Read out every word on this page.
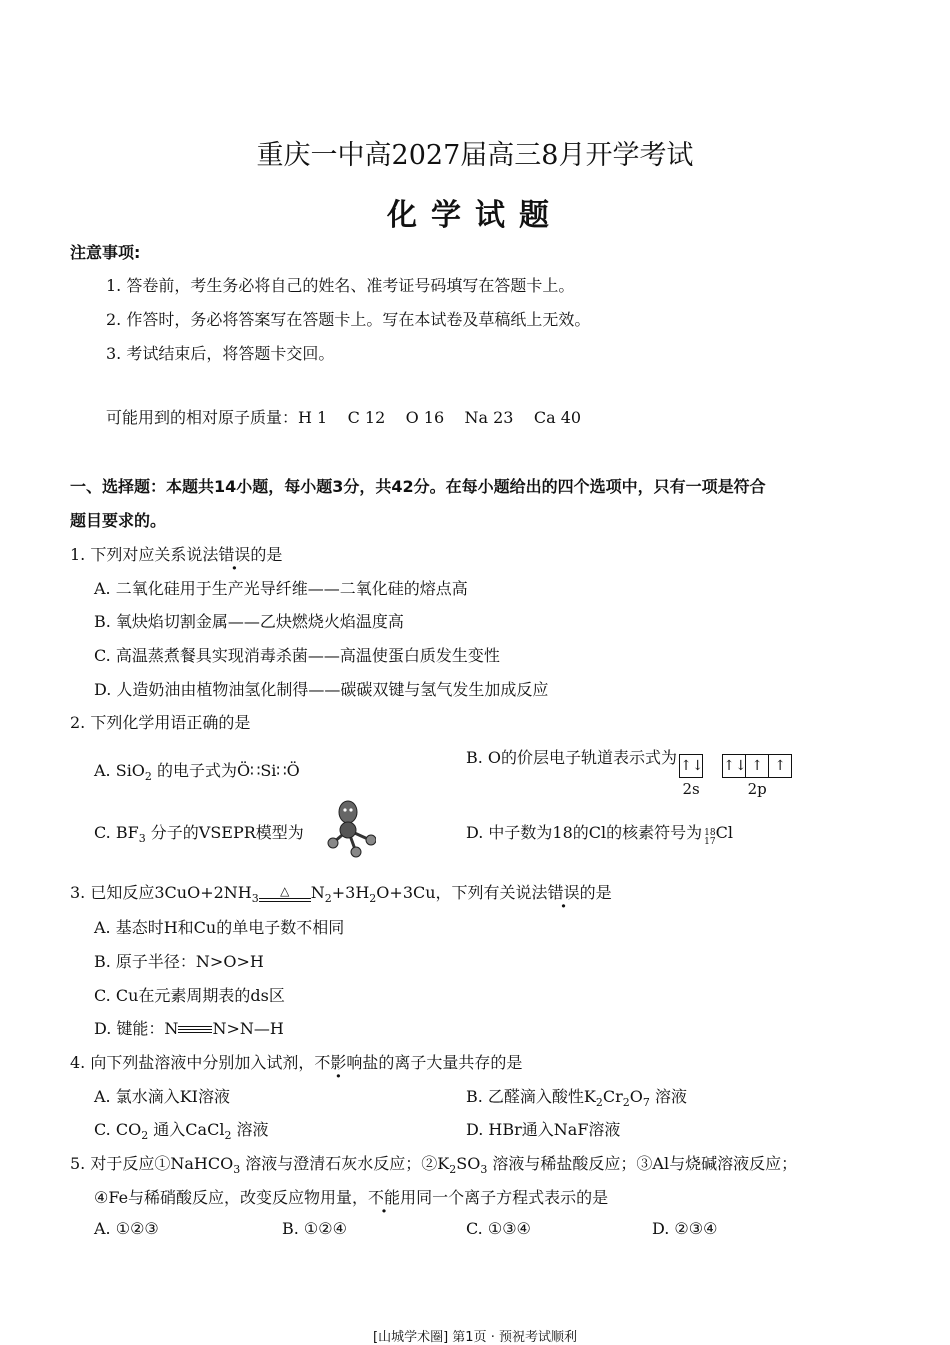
重庆一中高2027届高三8月开学考试
化学试题
注意事项:
1. 答卷前，考生务必将自己的姓名、准考证号码填写在答题卡上。
2. 作答时，务必将答案写在答题卡上。写在本试卷及草稿纸上无效。
3. 考试结束后，将答题卡交回。
可能用到的相对原子质量：H 1    C 12    O 16    Na 23    Ca 40
一、选择题：本题共14小题，每小题3分，共42分。在每小题给出的四个选项中，只有一项是符合
题目要求的。
1. 下列对应关系说法错误的是
A. 二氧化硅用于生产光导纤维——二氧化硅的熔点高
B. 氧炔焰切割金属——乙炔燃烧火焰温度高
C. 高温蒸煮餐具实现消毒杀菌——高温使蛋白质发生变性
D. 人造奶油由植物油氢化制得——碳碳双键与氢气发生加成反应
2. 下列化学用语正确的是
A. SiO$_2$ 的电子式为Ö∷Si∷Ö
B. O的价层电子轨道表示式为 ↑↓
2s
↑↓ ↑ ↑
2p
C. $BF_3$ 分子的VSEPR模型为	D. 中子数为18的Cl的核素符号为 18
17 Cl
3. 已知反应$3CuO+2NH_3$
△	$N_2+3H_2O+3Cu$，下列有关说法错误的是
A. 基态时H和Cu的单电子数不相同
B. 原子半径：N>O>H
C. Cu在元素周期表的ds区
D. 键能：N N>N—H
4. 向下列盐溶液中分别加入试剂，不影响盐的离子大量共存的是
A. 氯水滴入KI溶液	B. 乙醛滴入酸性$K_2Cr_2O_7$ 溶液
C. $CO_2$ 通入CaCl$_2$ 溶液	D. HBr通入NaF溶液
5. 对于反应①NaHCO$_3$ 溶液与澄清石灰水反应；$②K_2SO_3$ 溶液与稀盐酸反应；③Al与烧碱溶液反应；
④Fe与稀硝酸反应，改变反应物用量，不能用同一个离子方程式表示的是
A. ①②③	B. ①②④	C. ①③④	D. ②③④
[山城学术圈] 第1页 · 预祝考试顺利
